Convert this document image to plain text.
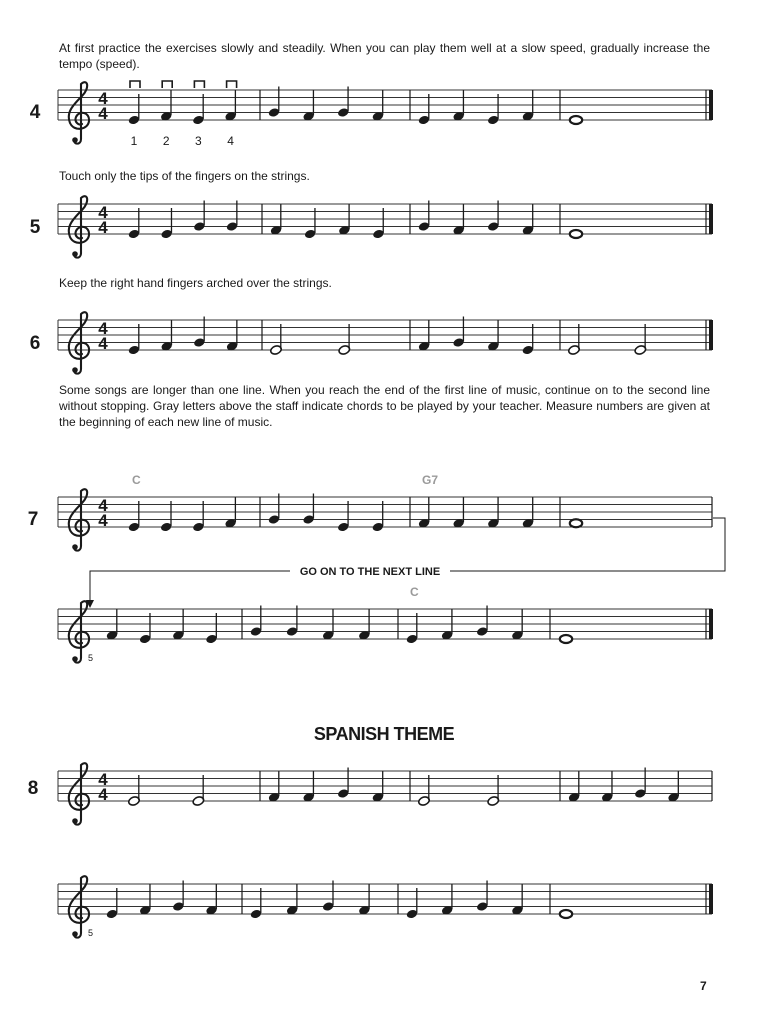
At first practice the exercises slowly and steadily. When you can play them well at a slow speed, gradually increase the tempo (speed).

Touch only the tips of the fingers on the strings.

Keep the right hand fingers arched over the strings.

Some songs are longer than one line. When you reach the end of the first line of music, continue on to the second line without stopping. Gray letters above the staff indicate chords to be played by your teacher. Measure numbers are given at the beginning of each new line of music.

4
5
6
7
8
SPANISH THEME
7
4
4
1 2 3 4
4
4
4
4
4
4
C	G7
5
C
4
4
5
GO ON TO THE NEXT LINE
